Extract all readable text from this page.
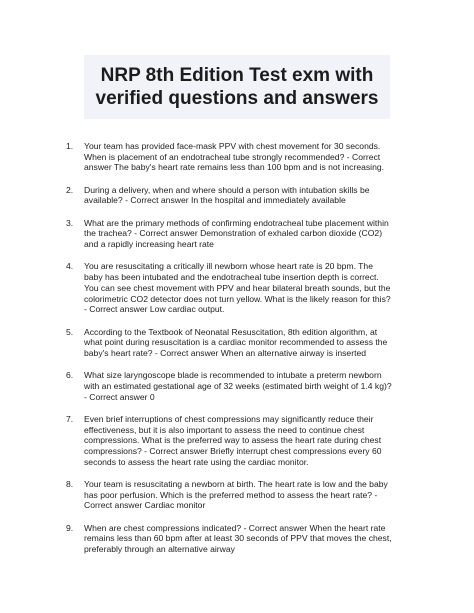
NRP 8th Edition Test exm with
verified questions and answers
1.	Your team has provided face-mask PPV with chest movement for 30 seconds.
When is placement of an endotracheal tube strongly recommended? - Correct
answer The baby's heart rate remains less than 100 bpm and is not increasing.
2.	During a delivery, when and where should a person with intubation skills be
available? - Correct answer In the hospital and immediately available
3.	What are the primary methods of confirming endotracheal tube placement within
the trachea? - Correct answer Demonstration of exhaled carbon dioxide (CO2)
and a rapidly increasing heart rate
4.	You are resuscitating a critically ill newborn whose heart rate is 20 bpm. The
baby has been intubated and the endotracheal tube insertion depth is correct.
You can see chest movement with PPV and hear bilateral breath sounds, but the
colorimetric CO2 detector does not turn yellow. What is the likely reason for this?
- Correct answer Low cardiac output.
5.	According to the Textbook of Neonatal Resuscitation, 8th edition algorithm, at
what point during resuscitation is a cardiac monitor recommended to assess the
baby's heart rate? - Correct answer When an alternative airway is inserted
6.	What size laryngoscope blade is recommended to intubate a preterm newborn
with an estimated gestational age of 32 weeks (estimated birth weight of 1.4 kg)?
- Correct answer 0
7.	Even brief interruptions of chest compressions may significantly reduce their
effectiveness, but it is also important to assess the need to continue chest
compressions. What is the preferred way to assess the heart rate during chest
compressions? - Correct answer Briefly interrupt chest compressions every 60
seconds to assess the heart rate using the cardiac monitor.
8.	Your team is resuscitating a newborn at birth. The heart rate is low and the baby
has poor perfusion. Which is the preferred method to assess the heart rate? -
Correct answer Cardiac monitor
9.	When are chest compressions indicated? - Correct answer When the heart rate
remains less than 60 bpm after at least 30 seconds of PPV that moves the chest,
preferably through an alternative airway
